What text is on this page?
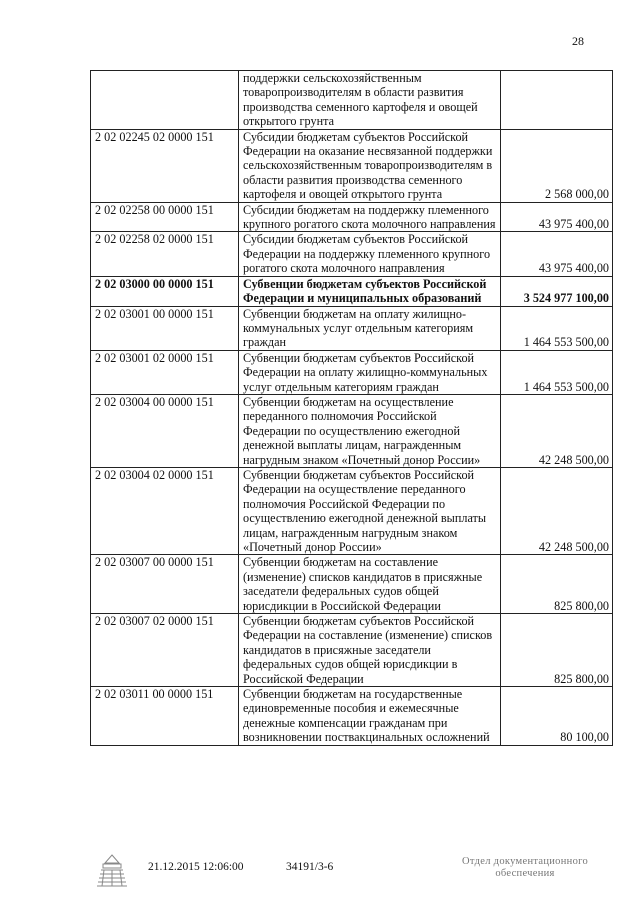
28
	поддержки сельскохозяйственным товаропроизводителям в области развития производства семенного картофеля и овощей открытого грунта	
2 02 02245 02 0000 151	Субсидии бюджетам субъектов Российской Федерации на оказание несвязанной поддержки сельскохозяйственным товаропроизводителям в области развития производства семенного картофеля и овощей открытого грунта	2 568 000,00
2 02 02258 00 0000 151	Субсидии бюджетам на поддержку племенного крупного рогатого скота молочного направления	43 975 400,00
2 02 02258 02 0000 151	Субсидии бюджетам субъектов Российской Федерации на поддержку племенного крупного рогатого скота молочного направления	43 975 400,00
2 02 03000 00 0000 151	Субвенции бюджетам субъектов Российской Федерации и муниципальных образований	3 524 977 100,00
2 02 03001 00 0000 151	Субвенции бюджетам на оплату жилищно-коммунальных услуг отдельным категориям граждан	1 464 553 500,00
2 02 03001 02 0000 151	Субвенции бюджетам субъектов Российской Федерации на оплату жилищно-коммунальных услуг отдельным категориям граждан	1 464 553 500,00
2 02 03004 00 0000 151	Субвенции бюджетам на осуществление переданного полномочия Российской Федерации по осуществлению ежегодной денежной выплаты лицам, награжденным нагрудным знаком «Почетный донор России»	42 248 500,00
2 02 03004 02 0000 151	Субвенции бюджетам субъектов Российской Федерации на осуществление переданного полномочия Российской Федерации по осуществлению ежегодной денежной выплаты лицам, награжденным нагрудным знаком «Почетный донор России»	42 248 500,00
2 02 03007 00 0000 151	Субвенции бюджетам на составление (изменение) списков кандидатов в присяжные заседатели федеральных судов общей юрисдикции в Российской Федерации	825 800,00
2 02 03007 02 0000 151	Субвенции бюджетам субъектов Российской Федерации на составление (изменение) списков кандидатов в присяжные заседатели федеральных судов общей юрисдикции в Российской Федерации	825 800,00
2 02 03011 00 0000 151	Субвенции бюджетам на государственные единовременные пособия и ежемесячные денежные компенсации гражданам при возникновении поствакцинальных осложнений	80 100,00
21.12.2015 12:06:00	34191/3-6	Отдел документационного
обеспечения
